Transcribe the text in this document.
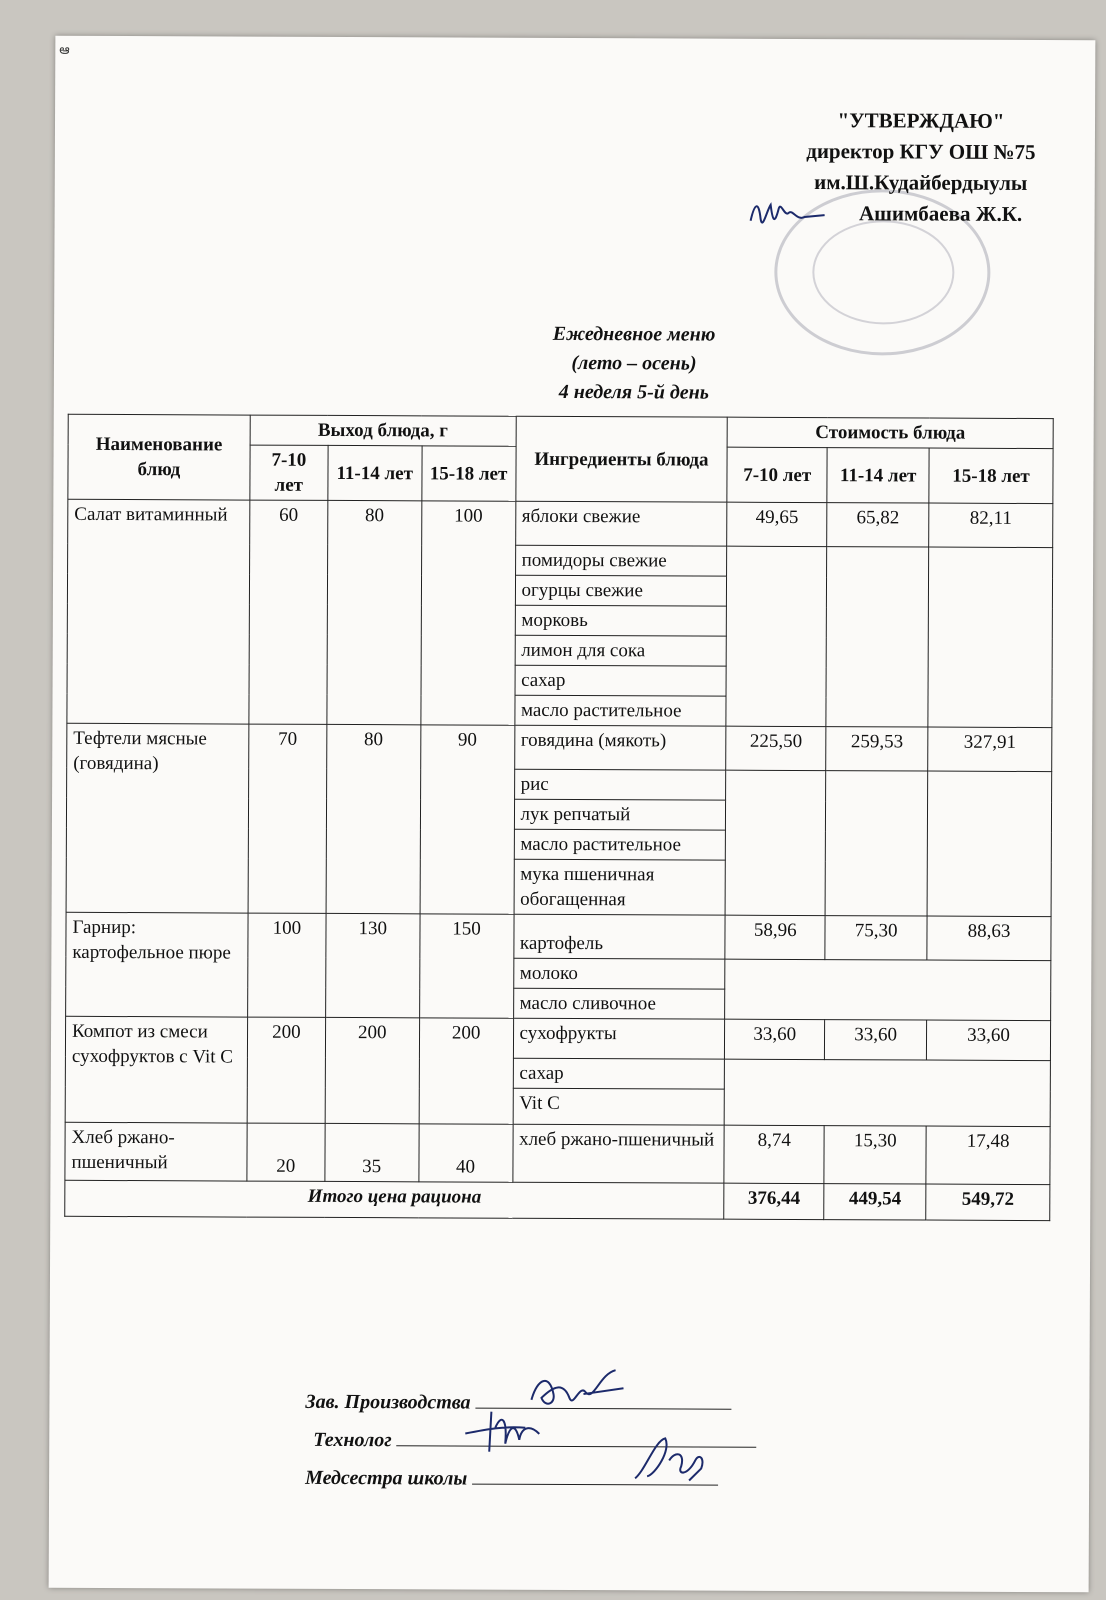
ఆ
"УТВЕРЖДАЮ"
директор КГУ ОШ №75
им.Ш.Кудайбердыулы
Ашимбаева Ж.К.
Ежедневное меню
(лето – осень)
4 неделя 5-й день
Наименование блюд	Выход блюда, г			Ингредиенты блюда	Стоимость блюда		
	7-10 лет	11-14 лет	15-18 лет		7-10 лет	11-14 лет	15-18 лет
Салат витаминный	60	80	100	яблоки свежие	49,65	65,82	82,11
				помидоры свежие			
				огурцы свежие			
				морковь			
				лимон для сока			
				сахар			
				масло растительное			
Тефтели мясные (говядина)	70	80	90	говядина (мякоть)	225,50	259,53	327,91
				рис			
				лук репчатый			
				масло растительное			
				мука пшеничная обогащенная			
Гарнир: картофельное пюре	100	130	150	картофель	58,96	75,30	88,63
				молоко			
				масло сливочное			
Компот из смеси сухофруктов с Vit C	200	200	200	сухофрукты	33,60	33,60	33,60
				сахар			
				Vit C			
Хлеб ржано-пшеничный	20	35	40	хлеб ржано-пшеничный	8,74	15,30	17,48
Итого цена рациона					376,44	449,54	549,72
Зав. Производства
Технолог
Медсестра школы
